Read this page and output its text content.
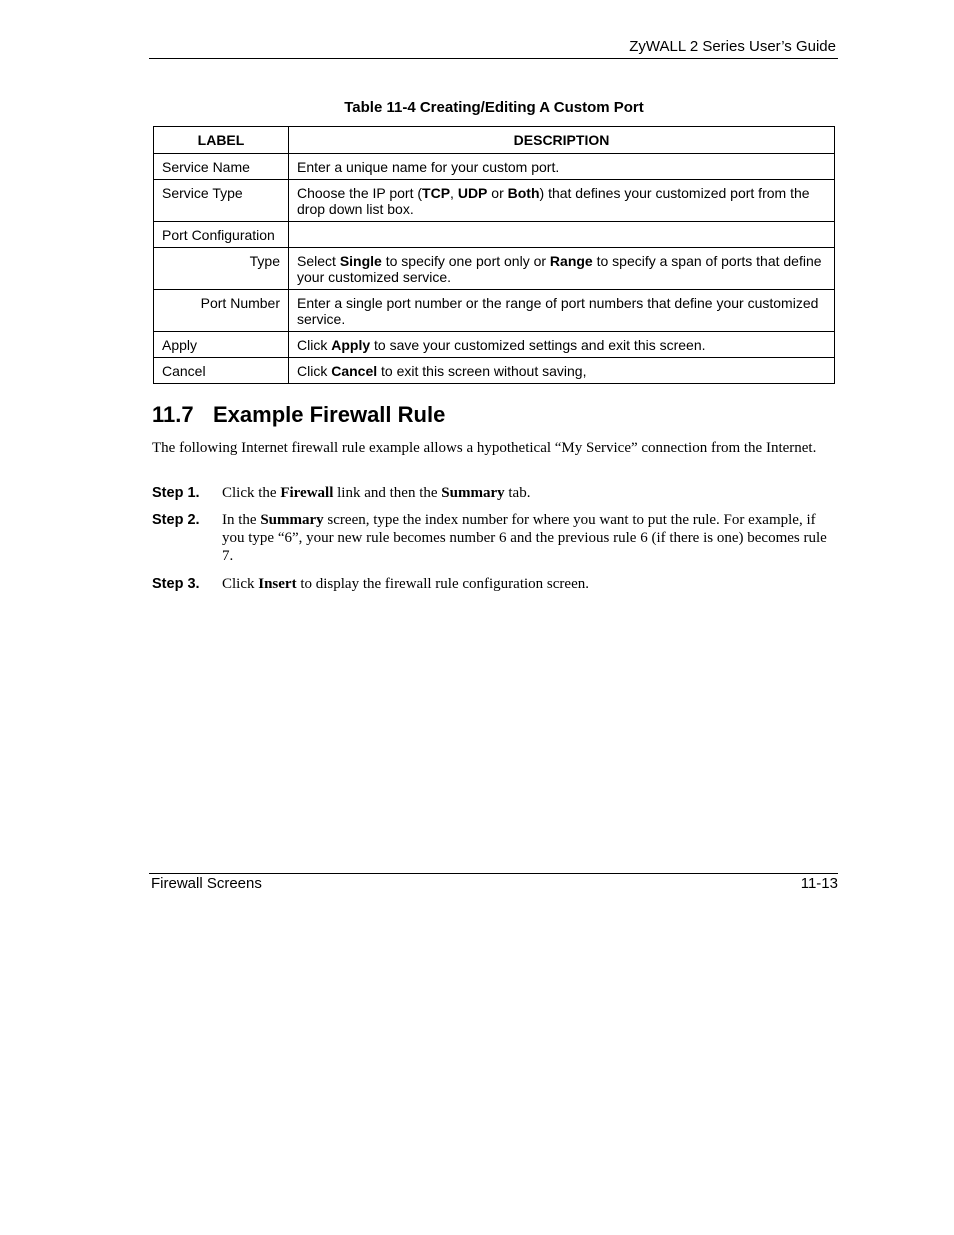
ZyWALL 2 Series User’s Guide
Table 11-4 Creating/Editing A Custom Port
LABEL	DESCRIPTION

Service Name	Enter a unique name for your custom port.

Service Type	Choose the IP port (TCP, UDP or Both) that defines your customized port from the drop down list box.

Port Configuration	

Type	Select Single to specify one port only or Range to specify a span of ports that define your customized service.

Port Number	Enter a single port number or the range of port numbers that define your customized service.

Apply	Click Apply to save your customized settings and exit this screen.

Cancel	Click Cancel to exit this screen without saving,
11.7 Example Firewall Rule
The following Internet firewall rule example allows a hypothetical “My Service” connection from the Internet.
Step 1. Click the Firewall link and then the Summary tab.
Step 2. In the Summary screen, type the index number for where you want to put the rule. For example, if you type “6”, your new rule becomes number 6 and the previous rule 6 (if there is one) becomes rule 7.
Step 3. Click Insert to display the firewall rule configuration screen.
Firewall Screens	11-13
